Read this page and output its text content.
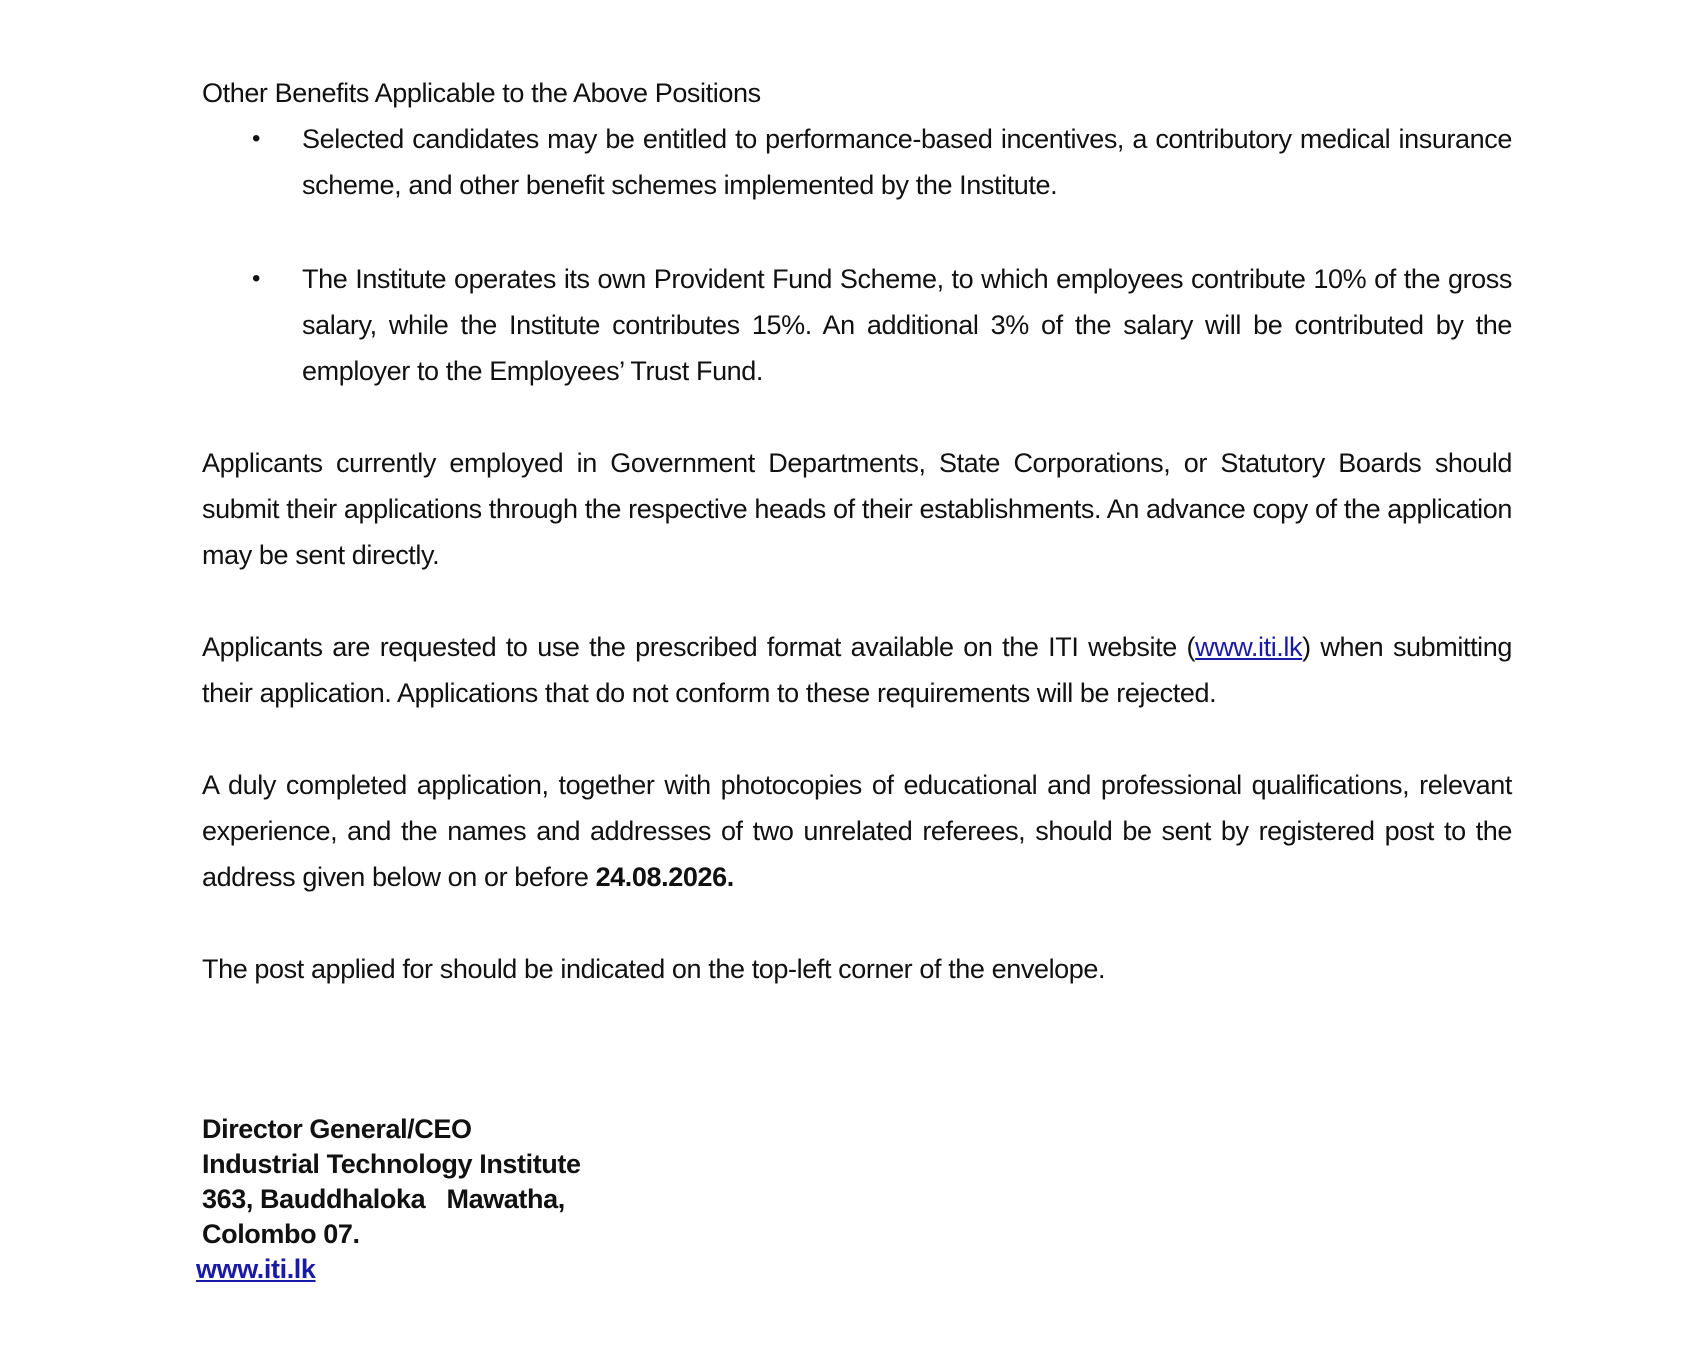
Other Benefits Applicable to the Above Positions

• Selected candidates may be entitled to performance-based incentives, a contributory medical insurance scheme, and other benefit schemes implemented by the Institute.
• The Institute operates its own Provident Fund Scheme, to which employees contribute 10% of the gross salary, while the Institute contributes 15%. An additional 3% of the salary will be contributed by the employer to the Employees’ Trust Fund.

Applicants currently employed in Government Departments, State Corporations, or Statutory Boards should submit their applications through the respective heads of their establishments. An advance copy of the application may be sent directly.

Applicants are requested to use the prescribed format available on the ITI website (www.iti.lk) when submitting their application. Applications that do not conform to these requirements will be rejected.

A duly completed application, together with photocopies of educational and professional qualifications, relevant experience, and the names and addresses of two unrelated referees, should be sent by registered post to the address given below on or before 24.08.2026.

The post applied for should be indicated on the top-left corner of the envelope.

Director General/CEO
Industrial Technology Institute
363, Bauddhaloka   Mawatha,
Colombo 07.
www.iti.lk
